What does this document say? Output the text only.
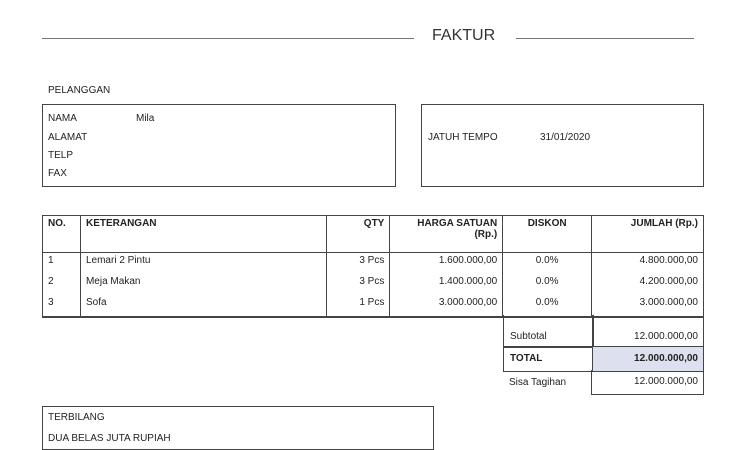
FAKTUR
PELANGGAN
NAMA	Mila
ALAMAT
TELP
FAX
JATUH TEMPO	31/01/2020
NO.	KETERANGAN	QTY	HARGA SATUAN (Rp.)	DISKON	JUMLAH (Rp.)
1	Lemari 2 Pintu	3 Pcs	1.600.000,00	0.0%	4.800.000,00
2	Meja Makan	3 Pcs	1.400.000,00	0.0%	4.200.000,00
3	Sofa	1 Pcs	3.000.000,00	0.0%	3.000.000,00
Subtotal	12.000.000,00
TOTAL	12.000.000,00
Sisa Tagihan	12.000.000,00
TERBILANG
DUA BELAS JUTA RUPIAH
